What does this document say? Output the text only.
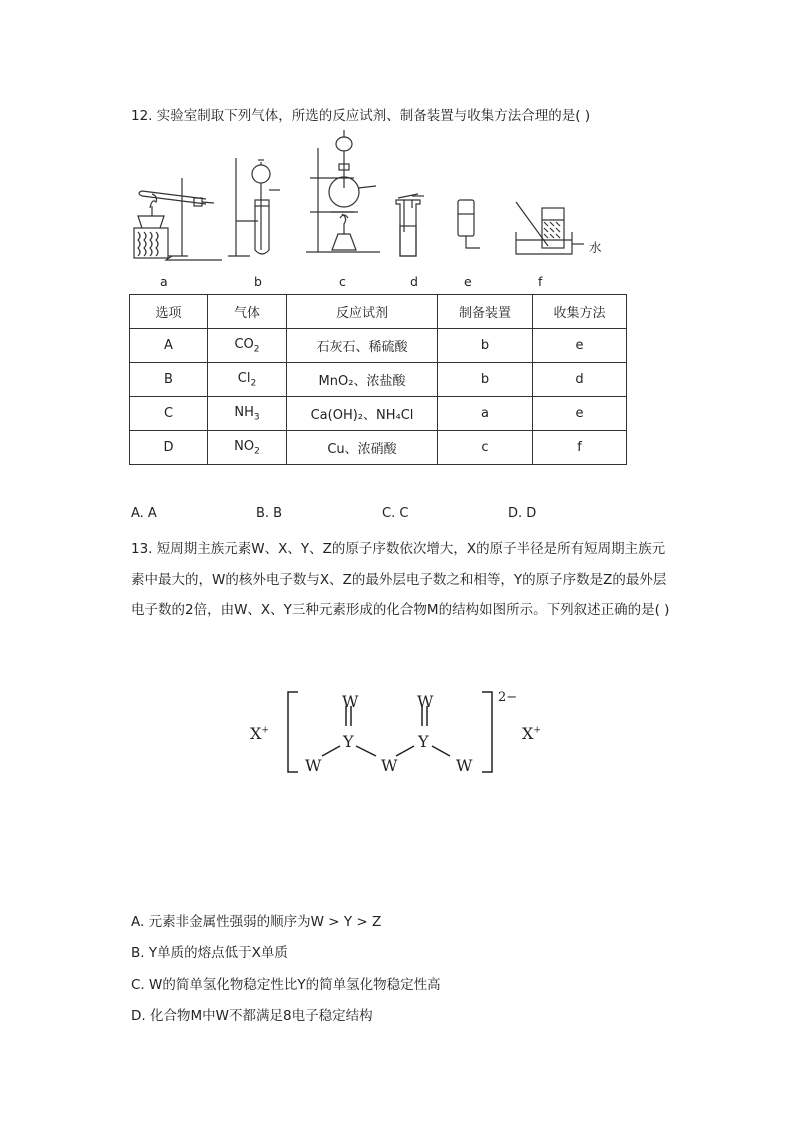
12. 实验室制取下列气体，所选的反应试剂、制备装置与收集方法合理的是( )
水
a	b	c	d	e	f
选项	气体	反应试剂	制备装置	收集方法
A	$CO_2$	石灰石、稀硫酸	b	e
B	$Cl_2$	MnO₂、浓盐酸	b	d
C	$NH_3$	Ca(OH)₂、NH₄Cl	a	e
D	$NO_2$	Cu、浓硝酸	c	f
A. A	B. B	C. C	D. D
13. 短周期主族元素W、X、Y、Z的原子序数依次增大，X的原子半径是所有短周期主族元
素中最大的，W的核外电子数与X、Z的最外层电子数之和相等，Y的原子序数是Z的最外层
电子数的2倍，由W、X、Y三种元素形成的化合物M的结构如图所示。下列叙述正确的是( )
X+	X+
W	W
Y	Y
W	W	W
2−
A. 元素非金属性强弱的顺序为W > Y > Z
B. Y单质的熔点低于X单质
C. W的简单氢化物稳定性比Y的简单氢化物稳定性高
D. 化合物M中W不都满足8电子稳定结构
